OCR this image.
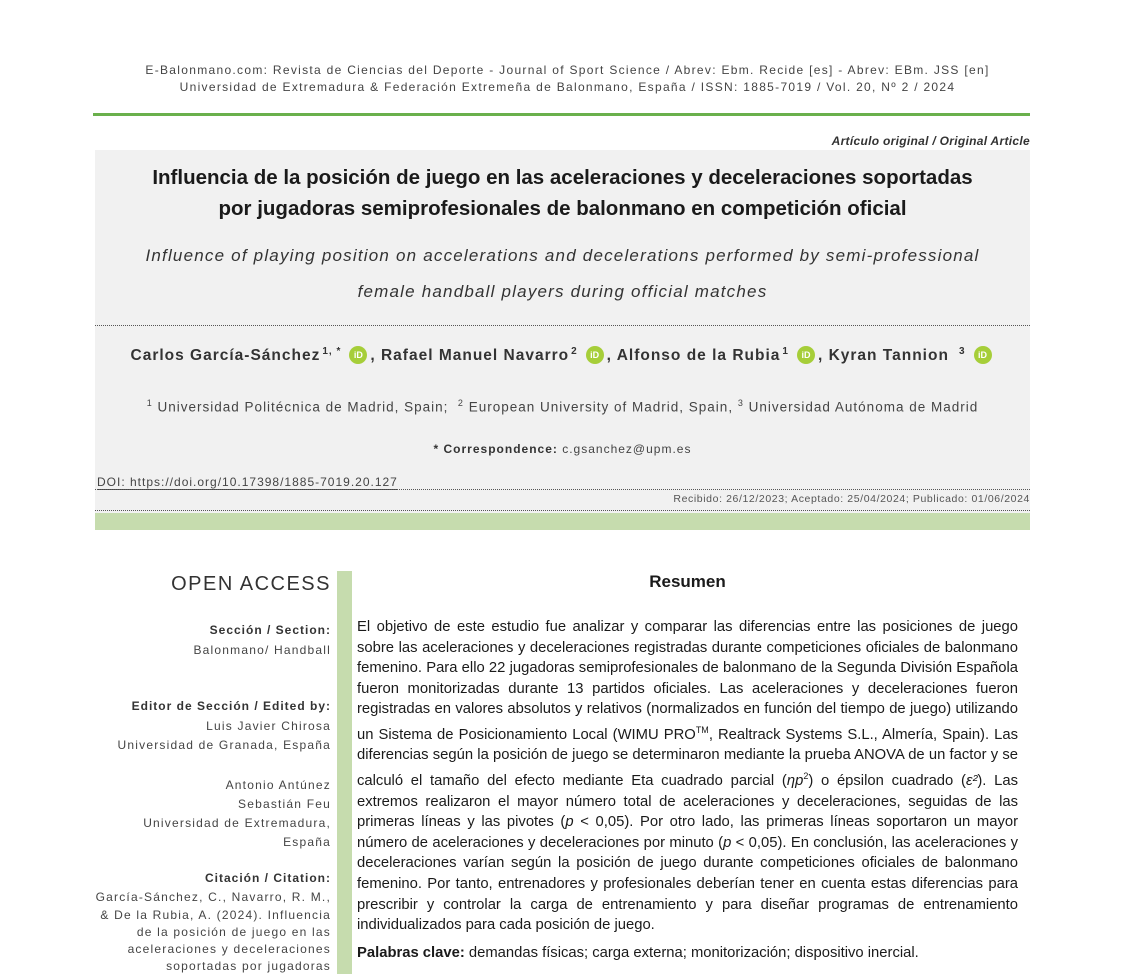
E-Balonmano.com: Revista de Ciencias del Deporte - Journal of Sport Science / Abrev: Ebm. Recide [es] - Abrev: EBm. JSS [en]
Universidad de Extremadura & Federación Extremeña de Balonmano, España / ISSN: 1885-7019 / Vol. 20, Nº 2 / 2024
Artículo original / Original Article
Influencia de la posición de juego en las aceleraciones y deceleraciones soportadas
por jugadoras semiprofesionales de balonmano en competición oficial
Influence of playing position on accelerations and decelerations performed by semi-professional
female handball players during official matches
Carlos García-Sánchez $^{1, *}$ iD , Rafael Manuel Navarro $^2$ iD , Alfonso de la Rubia $^1$ iD , Kyran Tannion $^3$ iD
$^1$ Universidad Politécnica de Madrid, Spain; $^2$ European University of Madrid, Spain, $^3$ Universidad Autónoma de Madrid
* Correspondence: c.gsanchez@upm.es
DOI: https://doi.org/10.17398/1885-7019.20.127
Recibido: 26/12/2023; Aceptado: 25/04/2024; Publicado: 01/06/2024
OPEN ACCESS
Sección / Section:
Balonmano/ Handball
Editor de Sección / Edited by:
Luis Javier Chirosa
Universidad de Granada, España
Antonio Antúnez
Sebastián Feu
Universidad de Extremadura,
España
Citación / Citation:
García-Sánchez, C., Navarro, R. M.,
& De la Rubia, A. (2024). Influencia
de la posición de juego en las
aceleraciones y deceleraciones
soportadas por jugadoras
Resumen
El objetivo de este estudio fue analizar y comparar las diferencias entre las posiciones de juego sobre las aceleraciones y deceleraciones registradas durante competiciones oficiales de balonmano femenino. Para ello 22 jugadoras semiprofesionales de balonmano de la Segunda División Española fueron monitorizadas durante 13 partidos oficiales. Las aceleraciones y deceleraciones fueron registradas en valores absolutos y relativos (normalizados en función del tiempo de juego) utilizando un Sistema de Posicionamiento Local (WIMU PRO™, Realtrack Systems S.L., Almería, Spain). Las diferencias según la posición de juego se determinaron mediante la prueba ANOVA de un factor y se calculó el tamaño del efecto mediante Eta cuadrado parcial $(\eta p^2)$ o épsilon cuadrado (ε²). Las extremos realizaron el mayor número total de aceleraciones y deceleraciones, seguidas de las primeras líneas y las pivotes (p < 0,05). Por otro lado, las primeras líneas soportaron un mayor número de aceleraciones y deceleraciones por minuto (p < 0,05). En conclusión, las aceleraciones y deceleraciones varían según la posición de juego durante competiciones oficiales de balonmano femenino. Por tanto, entrenadores y profesionales deberían tener en cuenta estas diferencias para prescribir y controlar la carga de entrenamiento y para diseñar programas de entrenamiento individualizados para cada posición de juego.
Palabras clave: demandas físicas; carga externa; monitorización; dispositivo inercial.
